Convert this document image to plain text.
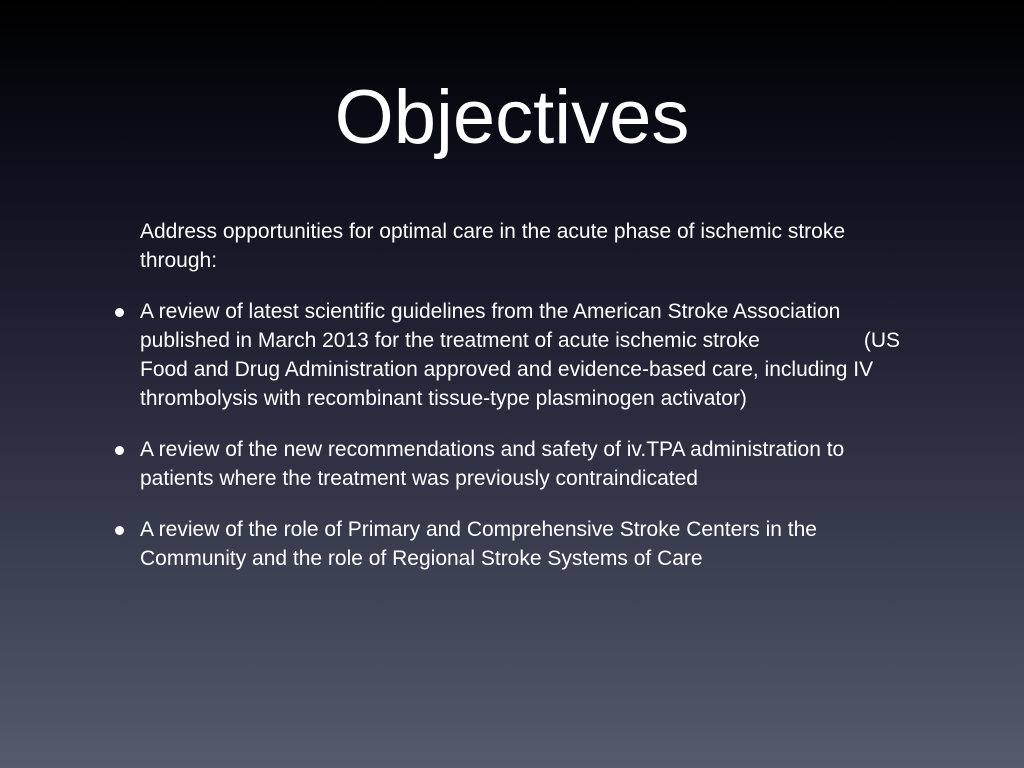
Objectives
Address opportunities for optimal care in the acute phase of ischemic stroke through:
A review of latest scientific guidelines from the American Stroke Association published in March 2013 for the treatment of acute ischemic stroke	(US Food and Drug Administration approved and evidence-based care, including IV thrombolysis with recombinant tissue-type plasminogen activator)
A review of the new recommendations and safety of iv.TPA administration to patients where the treatment was previously contraindicated
A review of the role of Primary and Comprehensive Stroke Centers in the Community and the role of Regional Stroke Systems of Care
